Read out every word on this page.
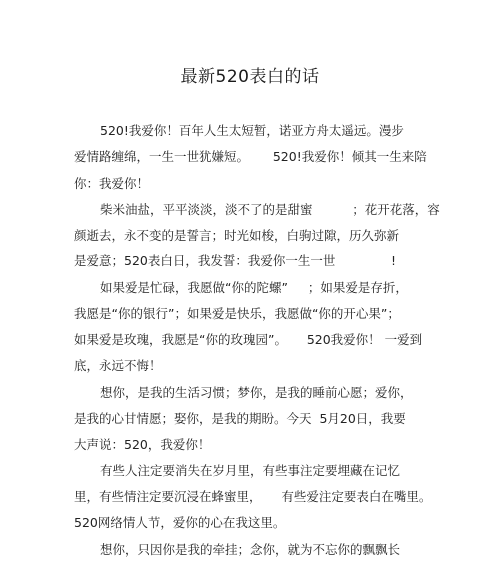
最新520表白的话
520!我爱你！百年人生太短暂，诺亚方舟太遥远。漫步
爱情路缠绵，一生一世犹嫌短。      520!我爱你！倾其一生来陪
你：我爱你！
柴米油盐，平平淡淡，淡不了的是甜蜜          ；花开花落，容
颜逝去，永不变的是誓言；时光如梭，白驹过隙，历久弥新
是爱意；520表白日，我发誓：我爱你一生一世              !
如果爱是忙碌，我愿做“你的陀螺”     ；如果爱是存折，
我愿是“你的银行”；如果爱是快乐，我愿做“你的开心果”；
如果爱是玫瑰，我愿是“你的玫瑰园”。     520我爱你！ 一爱到
底，永远不悔！
想你，是我的生活习惯；梦你，是我的睡前心愿；爱你，
是我的心甘情愿；娶你，是我的期盼。今天  5月20日，我要
大声说：520，我爱你！
有些人注定要消失在岁月里，有些事注定要埋藏在记忆
里，有些情注定要沉浸在蜂蜜里，     有些爱注定要表白在嘴里。
520网络情人节，爱你的心在我这里。
想你，只因你是我的牵挂；念你，就为不忘你的飘飘长
